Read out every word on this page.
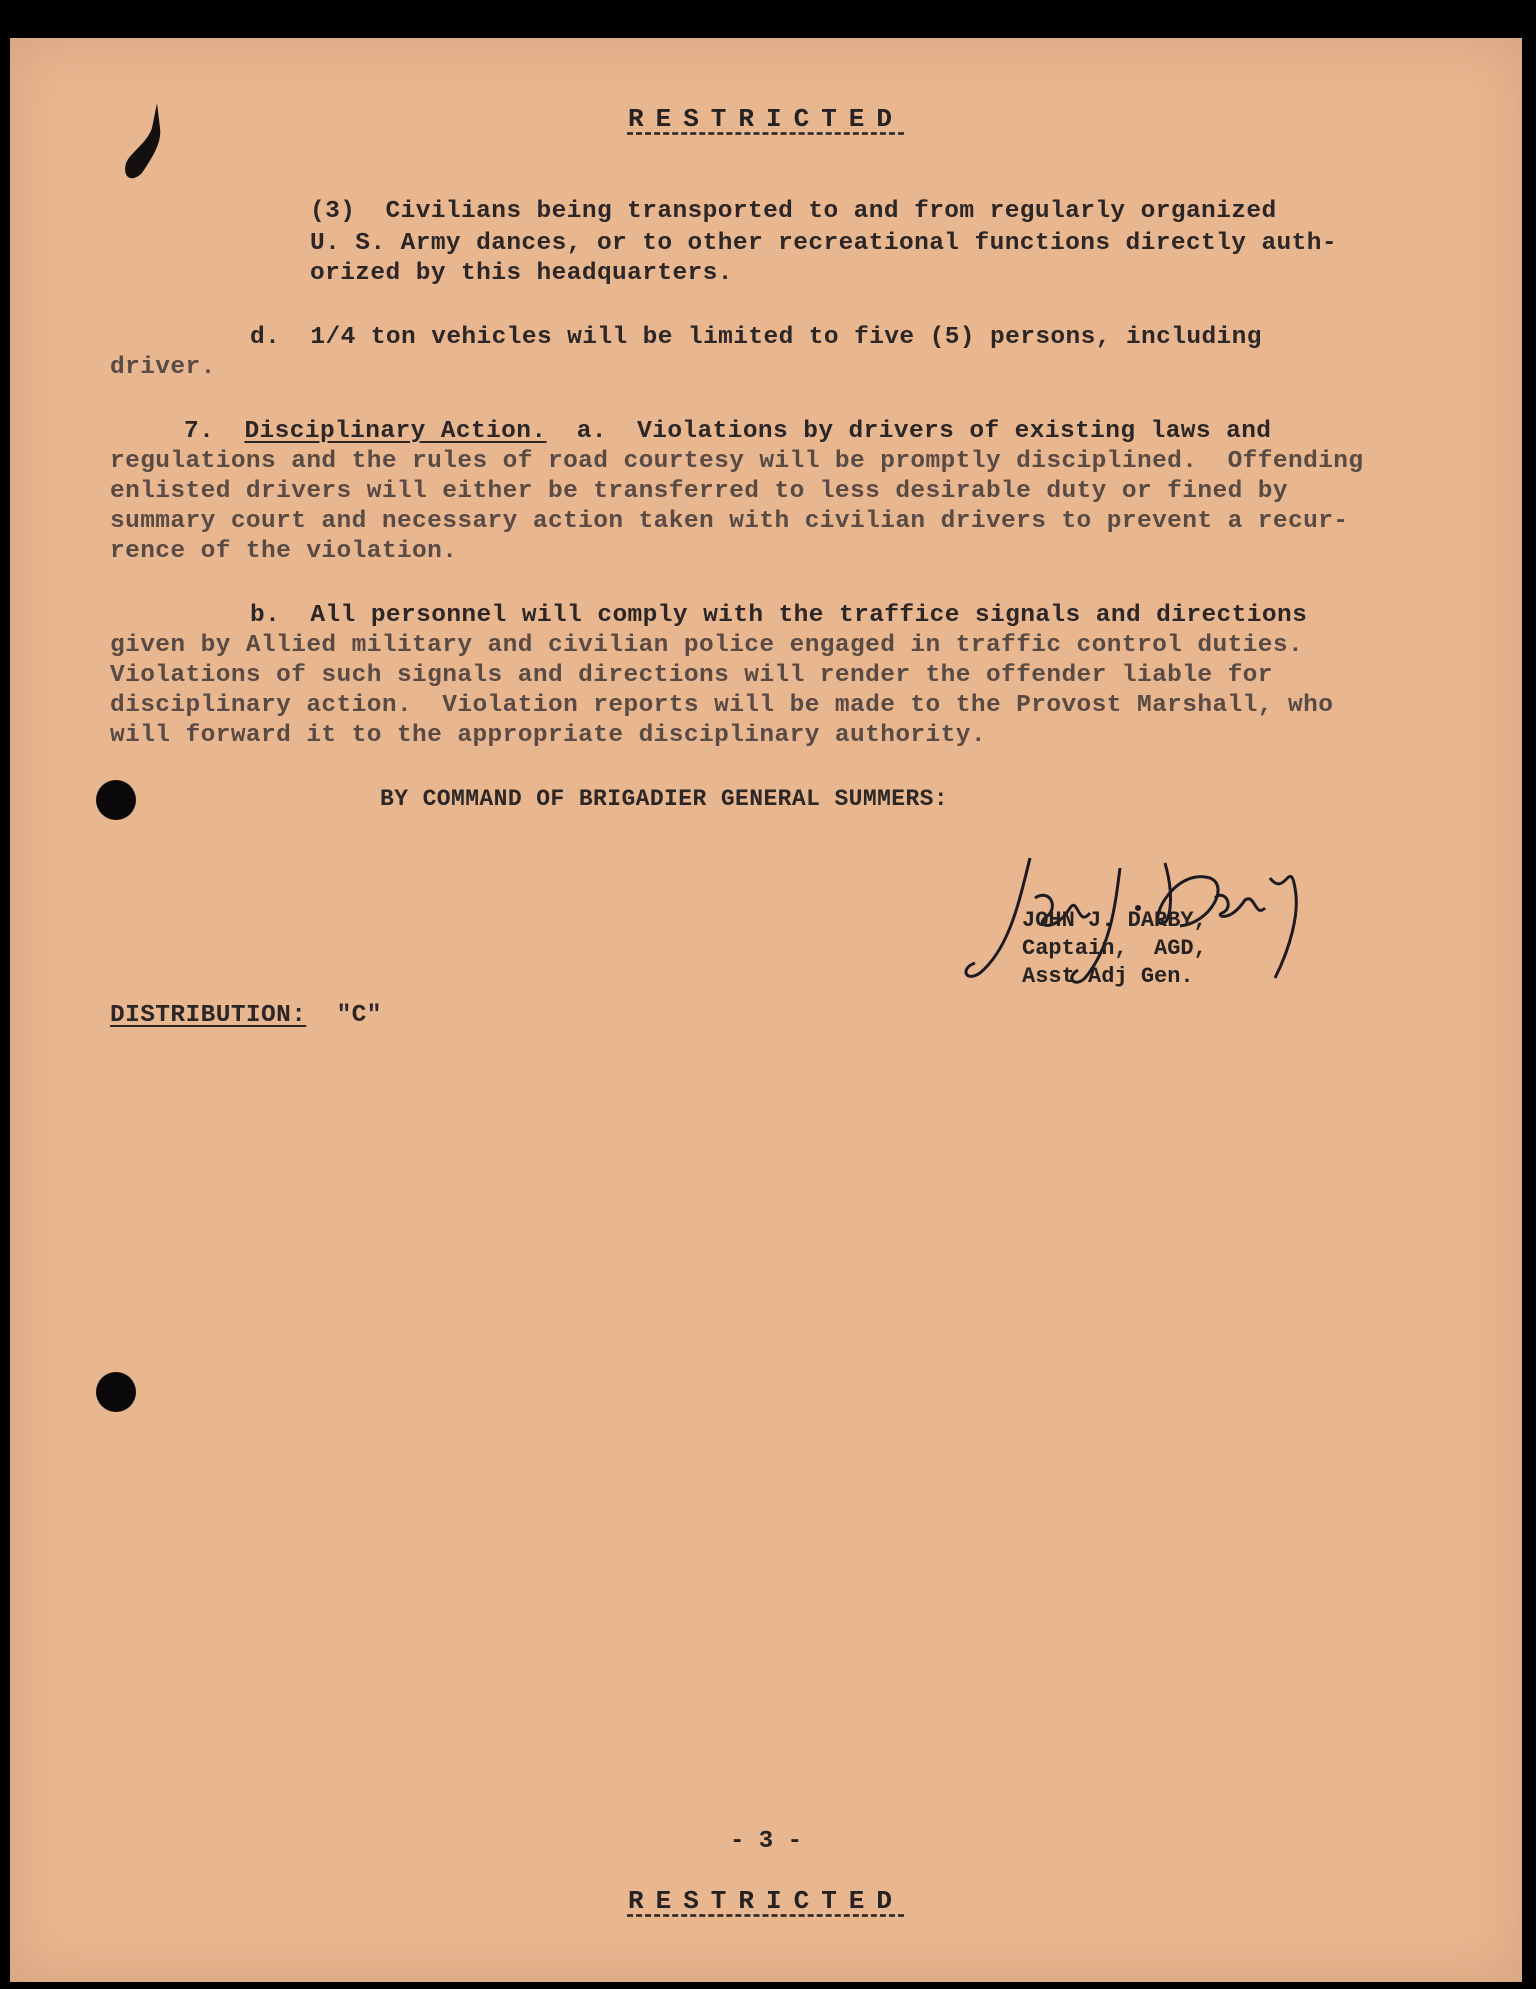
RESTRICTED
(3)  Civilians being transported to and from regularly organized
U. S. Army dances, or to other recreational functions directly auth-
orized by this headquarters.
d.  1/4 ton vehicles will be limited to five (5) persons, including
driver.
7. Disciplinary Action.  a.  Violations by drivers of existing laws and
regulations and the rules of road courtesy will be promptly disciplined.  Offending
enlisted drivers will either be transferred to less desirable duty or fined by
summary court and necessary action taken with civilian drivers to prevent a recur-
rence of the violation.
b.  All personnel will comply with the traffice signals and directions
given by Allied military and civilian police engaged in traffic control duties.
Violations of such signals and directions will render the offender liable for
disciplinary action.  Violation reports will be made to the Provost Marshall, who
will forward it to the appropriate disciplinary authority.
BY COMMAND OF BRIGADIER GENERAL SUMMERS:
JOHN J. DARBY,
Captain,  AGD,
Asst Adj Gen.
DISTRIBUTION: "C"
- 3 -
RESTRICTED
